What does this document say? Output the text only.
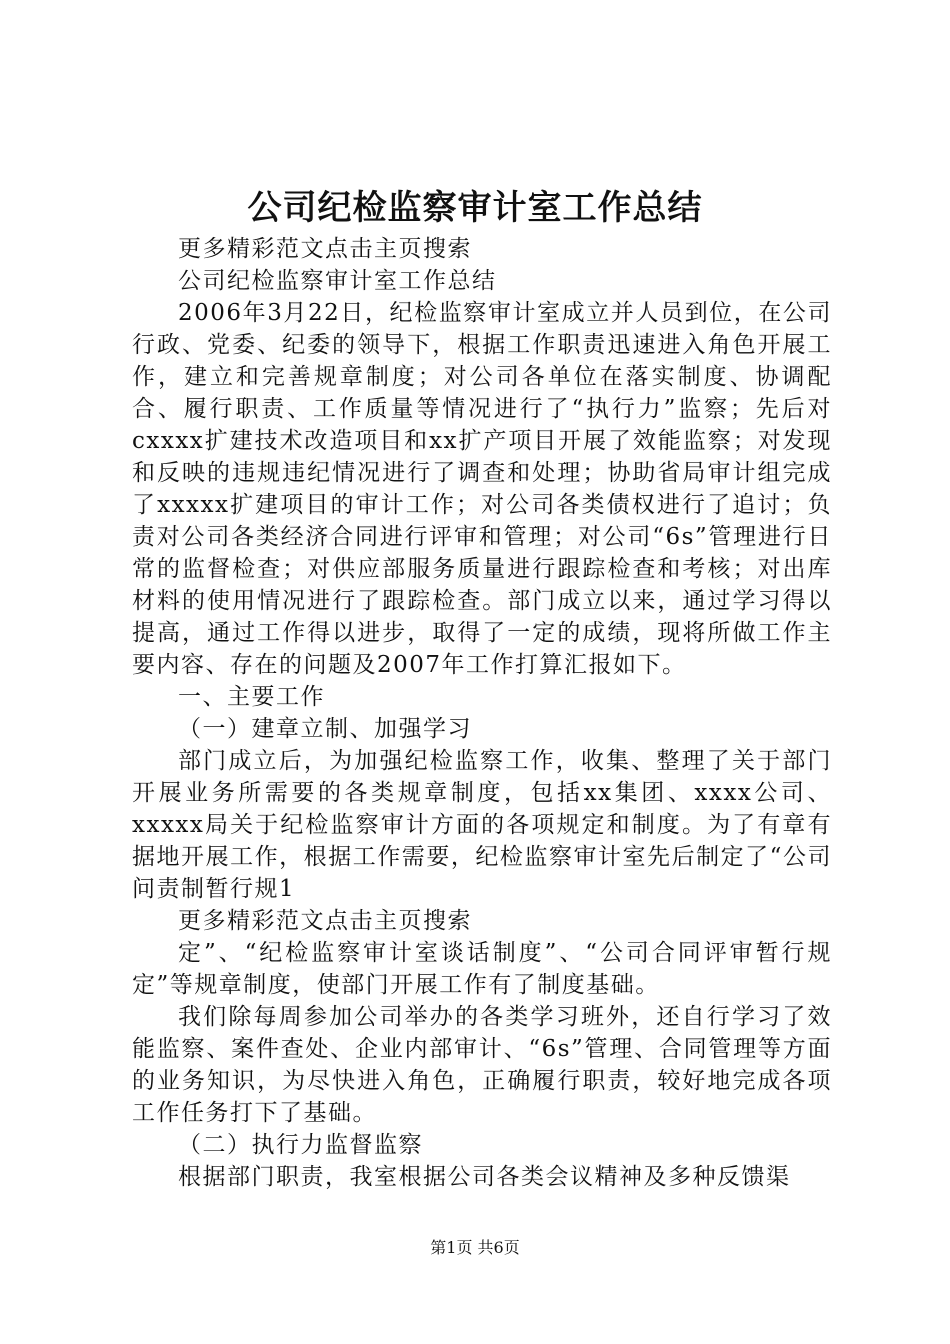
公司纪检监察审计室工作总结

更多精彩范文点击主页搜索

公司纪检监察审计室工作总结

2006年3月22日，纪检监察审计室成立并人员到位，在公司行政、党委、纪委的领导下，根据工作职责迅速进入角色开展工作，建立和完善规章制度；对公司各单位在落实制度、协调配合、履行职责、工作质量等情况进行了“执行力”监察；先后对cxxxx扩建技术改造项目和xx扩产项目开展了效能监察；对发现和反映的违规违纪情况进行了调查和处理；协助省局审计组完成了xxxxx扩建项目的审计工作；对公司各类债权进行了追讨；负责对公司各类经济合同进行评审和管理；对公司“6s”管理进行日常的监督检查；对供应部服务质量进行跟踪检查和考核；对出库材料的使用情况进行了跟踪检查。部门成立以来，通过学习得以提高，通过工作得以进步，取得了一定的成绩，现将所做工作主要内容、存在的问题及2007年工作打算汇报如下。

一、主要工作

（一）建章立制、加强学习

部门成立后，为加强纪检监察工作，收集、整理了关于部门开展业务所需要的各类规章制度，包括xx集团、xxxx公司、xxxxx局关于纪检监察审计方面的各项规定和制度。为了有章有据地开展工作，根据工作需要，纪检监察审计室先后制定了“公司问责制暂行规1

更多精彩范文点击主页搜索

定”、“纪检监察审计室谈话制度”、“公司合同评审暂行规定”等规章制度，使部门开展工作有了制度基础。

我们除每周参加公司举办的各类学习班外，还自行学习了效能监察、案件查处、企业内部审计、“6s”管理、合同管理等方面的业务知识，为尽快进入角色，正确履行职责，较好地完成各项工作任务打下了基础。

（二）执行力监督监察

根据部门职责，我室根据公司各类会议精神及多种反馈渠

第1页 共6页
